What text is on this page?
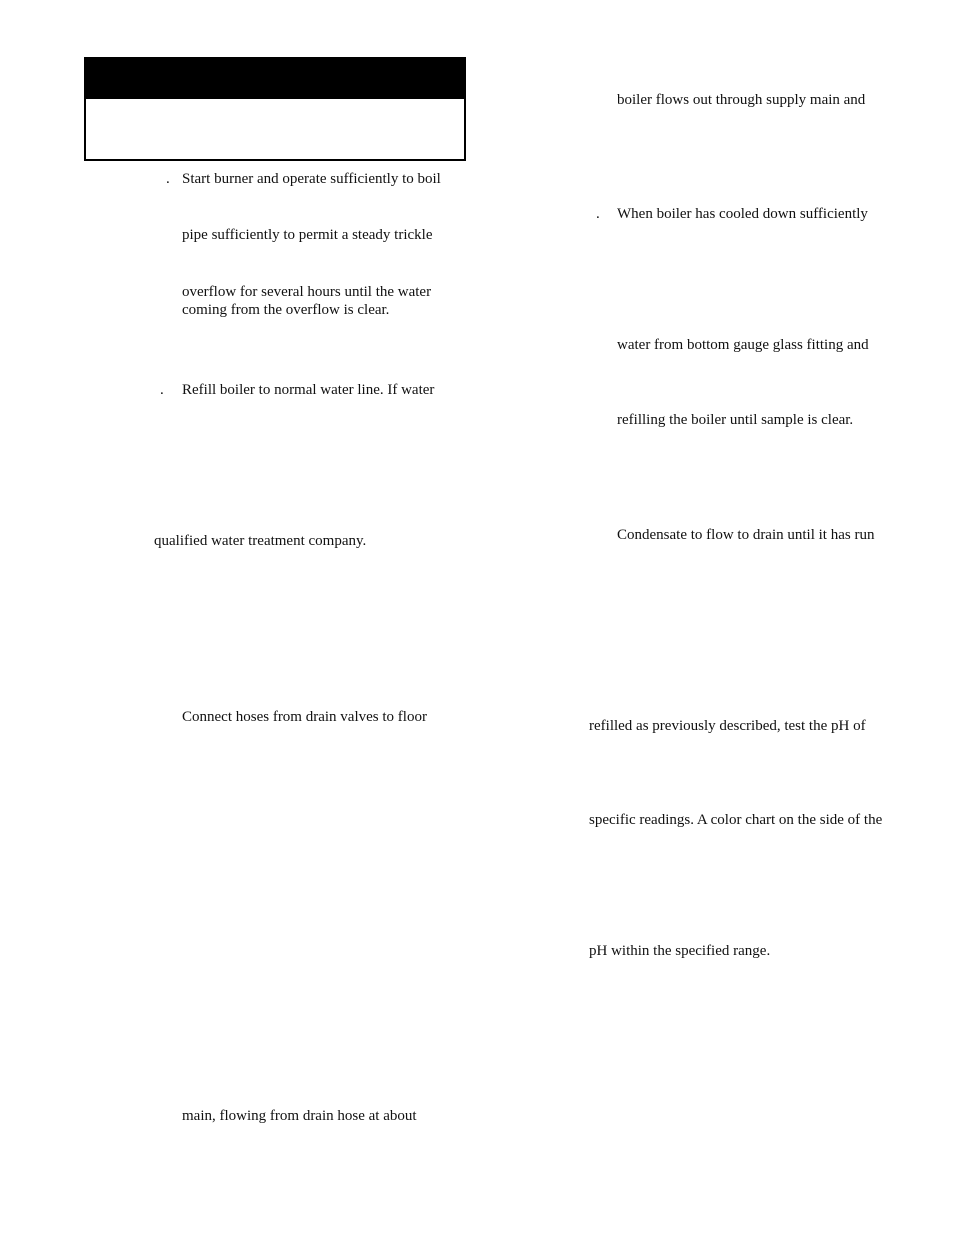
. Start burner and operate sufficiently to boil
pipe sufficiently to permit a steady trickle
overflow for several hours until the water
coming from the overflow is clear.
. Refill boiler to normal water line. If water
qualified water treatment company.
Connect hoses from drain valves to floor
main, flowing from drain hose at about
boiler flows out through supply main and
. When boiler has cooled down sufficiently
water from bottom gauge glass fitting and
refilling the boiler until sample is clear.
Condensate to flow to drain until it has run
refilled as previously described, test the pH of
specific readings. A color chart on the side of the
pH within the specified range.
